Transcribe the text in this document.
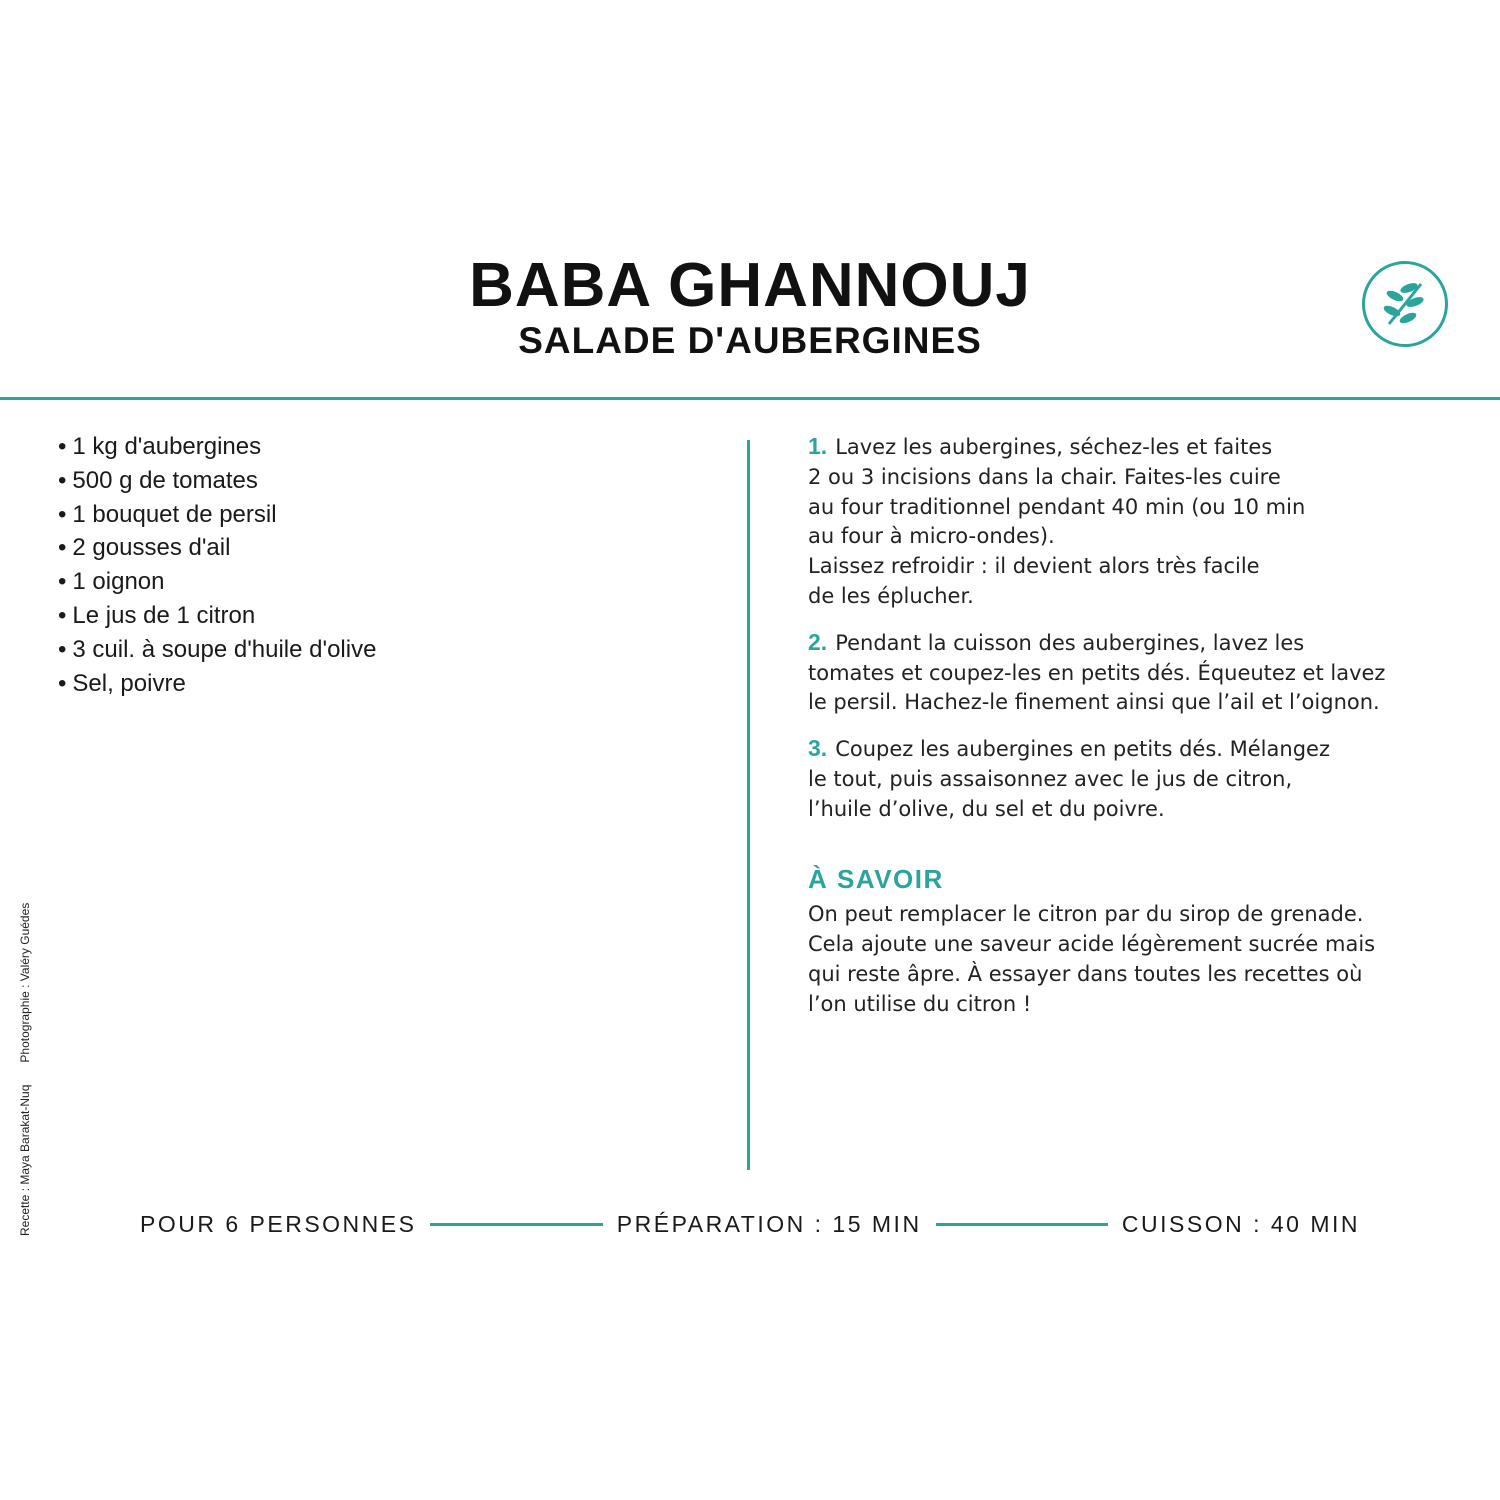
BABA GHANNOUJ
SALADE D'AUBERGINES
• 1 kg d'aubergines
• 500 g de tomates
• 1 bouquet de persil
• 2 gousses d'ail
• 1 oignon
• Le jus de 1 citron
• 3 cuil. à soupe d'huile d'olive
• Sel, poivre
1. Lavez les aubergines, séchez-les et faites
2 ou 3 incisions dans la chair. Faites-les cuire
au four traditionnel pendant 40 min (ou 10 min
au four à micro-ondes).
Laissez refroidir : il devient alors très facile
de les éplucher.
2. Pendant la cuisson des aubergines, lavez les
tomates et coupez-les en petits dés. Équeutez et lavez
le persil. Hachez-le finement ainsi que l’ail et l’oignon.
3. Coupez les aubergines en petits dés. Mélangez
le tout, puis assaisonnez avec le jus de citron,
l’huile d’olive, du sel et du poivre.
À SAVOIR
On peut remplacer le citron par du sirop de grenade.
Cela ajoute une saveur acide légèrement sucrée mais
qui reste âpre. À essayer dans toutes les recettes où
l’on utilise du citron !
Recette : Maya Barakat-NuqPhotographie : Valéry Guédes
POUR 6 PERSONNES	PRÉPARATION : 15 MIN	CUISSON : 40 MIN
